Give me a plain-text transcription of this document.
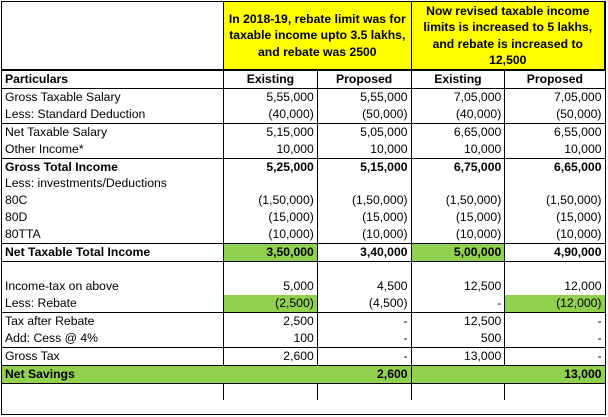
	In 2018-19, rebate limit was for taxable income upto 3.5 lakhs, and rebate was 2500		Now revised taxable income limits is increased to 5 lakhs, and rebate is increased to 12,500	
Particulars	Existing	Proposed	Existing	Proposed
Gross Taxable Salary	5,55,000	5,55,000	7,05,000	7,05,000
Less: Standard Deduction	(40,000)	(50,000)	(40,000)	(50,000)
Net Taxable Salary	5,15,000	5,05,000	6,65,000	6,55,000
Other Income*	10,000	10,000	10,000	10,000
Gross Total Income	5,25,000	5,15,000	6,75,000	6,65,000
Less: investments/Deductions				
80C	(1,50,000)	(1,50,000)	(1,50,000)	(1,50,000)
80D	(15,000)	(15,000)	(15,000)	(15,000)
80TTA	(10,000)	(10,000)	(10,000)	(10,000)
Net Taxable Total Income	3,50,000	3,40,000	5,00,000	4,90,000

Income-tax on above	5,000	4,500	12,500	12,000
Less: Rebate	(2,500)	(4,500)	-	(12,000)
Tax after Rebate	2,500	-	12,500	-
Add: Cess @ 4%	100	-	500	-
Gross Tax	2,600	-	13,000	-
Net Savings		2,600		13,000
